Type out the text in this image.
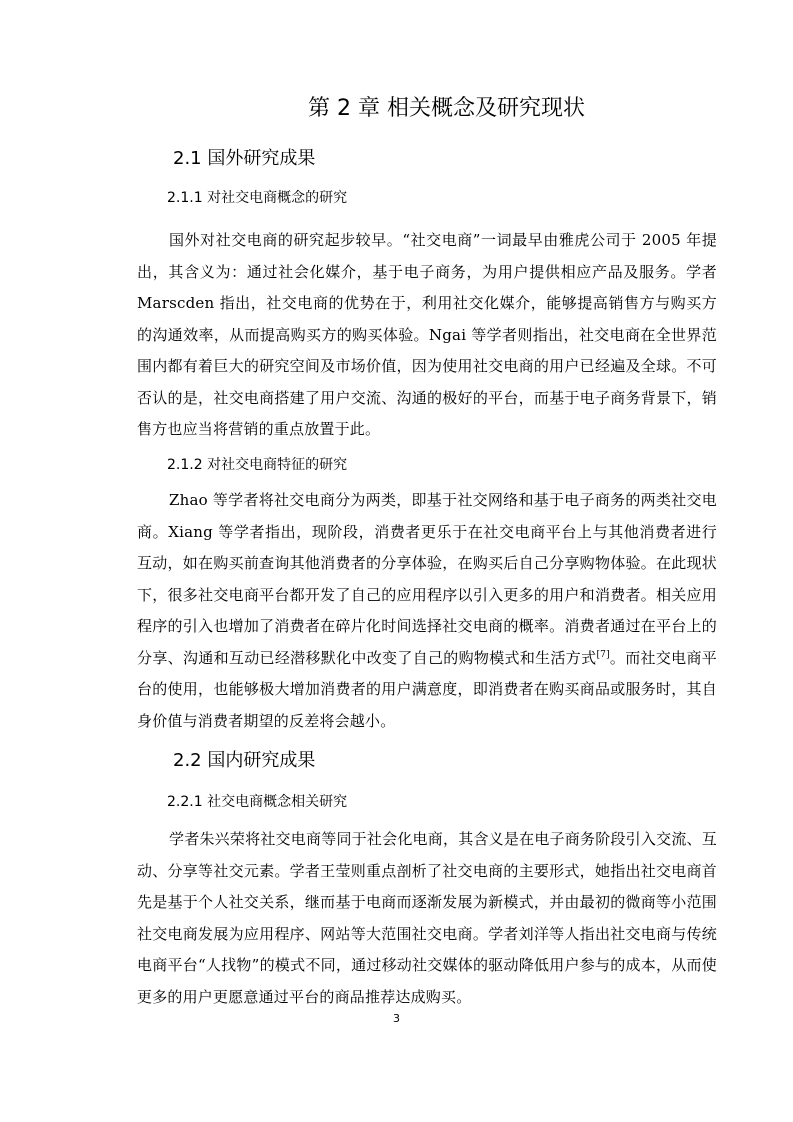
第 2 章 相关概念及研究现状
2.1 国外研究成果
2.1.1 对社交电商概念的研究

国外对社交电商的研究起步较早。“社交电商”一词最早由雅虎公司于 2005 年提出，其含义为：通过社会化媒介，基于电子商务，为用户提供相应产品及服务。学者 Marscden 指出，社交电商的优势在于，利用社交化媒介，能够提高销售方与购买方的沟通效率，从而提高购买方的购买体验。Ngai 等学者则指出，社交电商在全世界范围内都有着巨大的研究空间及市场价值，因为使用社交电商的用户已经遍及全球。不可否认的是，社交电商搭建了用户交流、沟通的极好的平台，而基于电子商务背景下，销售方也应当将营销的重点放置于此。

2.1.2 对社交电商特征的研究

Zhao 等学者将社交电商分为两类，即基于社交网络和基于电子商务的两类社交电商。Xiang 等学者指出，现阶段，消费者更乐于在社交电商平台上与其他消费者进行互动，如在购买前查询其他消费者的分享体验，在购买后自己分享购物体验。在此现状下，很多社交电商平台都开发了自己的应用程序以引入更多的用户和消费者。相关应用程序的引入也增加了消费者在碎片化时间选择社交电商的概率。消费者通过在平台上的分享、沟通和互动已经潜移默化中改变了自己的购物模式和生活方式[7]。而社交电商平台的使用，也能够极大增加消费者的用户满意度，即消费者在购买商品或服务时，其自身价值与消费者期望的反差将会越小。

2.2 国内研究成果
2.2.1 社交电商概念相关研究

学者朱兴荣将社交电商等同于社会化电商，其含义是在电子商务阶段引入交流、互动、分享等社交元素。学者王莹则重点剖析了社交电商的主要形式，她指出社交电商首先是基于个人社交关系，继而基于电商而逐渐发展为新模式，并由最初的微商等小范围社交电商发展为应用程序、网站等大范围社交电商。学者刘洋等人指出社交电商与传统电商平台“人找物”的模式不同，通过移动社交媒体的驱动降低用户参与的成本，从而使更多的用户更愿意通过平台的商品推荐达成购买。

3
